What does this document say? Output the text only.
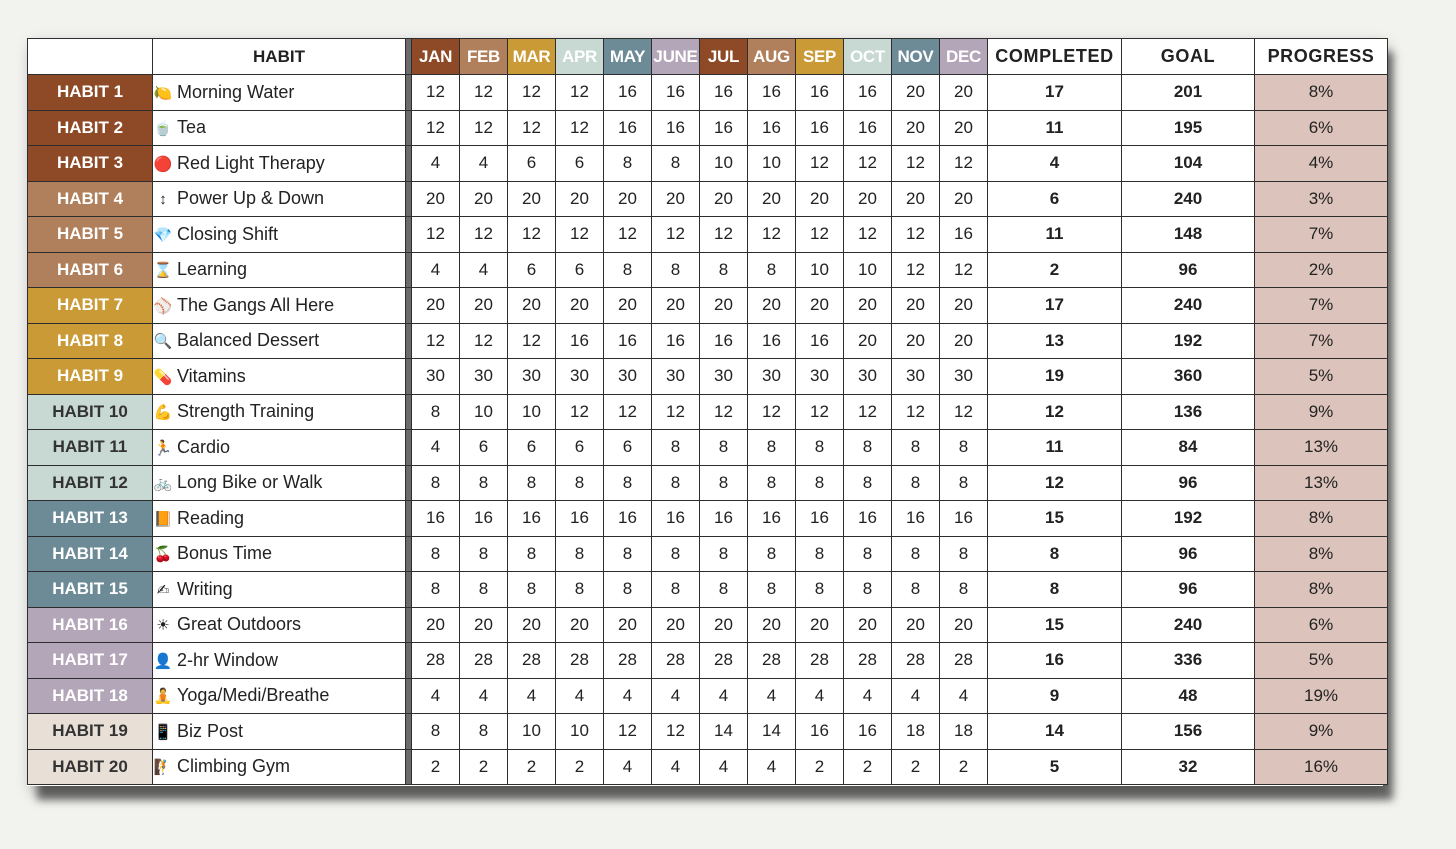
	HABIT		JAN	FEB	MAR	APR	MAY	JUNE	JUL	AUG	SEP	OCT	NOV	DEC	COMPLETED	GOAL	PROGRESS
HABIT 1	🍋 Morning Water		12	12	12	12	16	16	16	16	16	16	20	20	17	201	8%
HABIT 2	🍵 Tea		12	12	12	12	16	16	16	16	16	16	20	20	11	195	6%
HABIT 3	🔴 Red Light Therapy		4	4	6	6	8	8	10	10	12	12	12	12	4	104	4%
HABIT 4	↕ Power Up & Down		20	20	20	20	20	20	20	20	20	20	20	20	6	240	3%
HABIT 5	💎 Closing Shift		12	12	12	12	12	12	12	12	12	12	12	16	11	148	7%
HABIT 6	⌛ Learning		4	4	6	6	8	8	8	8	10	10	12	12	2	96	2%
HABIT 7	⚾ The Gangs All Here		20	20	20	20	20	20	20	20	20	20	20	20	17	240	7%
HABIT 8	🔍 Balanced Dessert		12	12	12	16	16	16	16	16	16	20	20	20	13	192	7%
HABIT 9	💊 Vitamins		30	30	30	30	30	30	30	30	30	30	30	30	19	360	5%
HABIT 10	💪 Strength Training		8	10	10	12	12	12	12	12	12	12	12	12	12	136	9%
HABIT 11	🏃 Cardio		4	6	6	6	6	8	8	8	8	8	8	8	11	84	13%
HABIT 12	🚲 Long Bike or Walk		8	8	8	8	8	8	8	8	8	8	8	8	12	96	13%
HABIT 13	📙 Reading		16	16	16	16	16	16	16	16	16	16	16	16	15	192	8%
HABIT 14	🍒 Bonus Time		8	8	8	8	8	8	8	8	8	8	8	8	8	96	8%
HABIT 15	✍ Writing		8	8	8	8	8	8	8	8	8	8	8	8	8	96	8%
HABIT 16	☀ Great Outdoors		20	20	20	20	20	20	20	20	20	20	20	20	15	240	6%
HABIT 17	👤 2-hr Window		28	28	28	28	28	28	28	28	28	28	28	28	16	336	5%
HABIT 18	🧘 Yoga/Medi/Breathe		4	4	4	4	4	4	4	4	4	4	4	4	9	48	19%
HABIT 19	📱 Biz Post		8	8	10	10	12	12	14	14	16	16	18	18	14	156	9%
HABIT 20	🧗 Climbing Gym		2	2	2	2	4	4	4	4	2	2	2	2	5	32	16%
